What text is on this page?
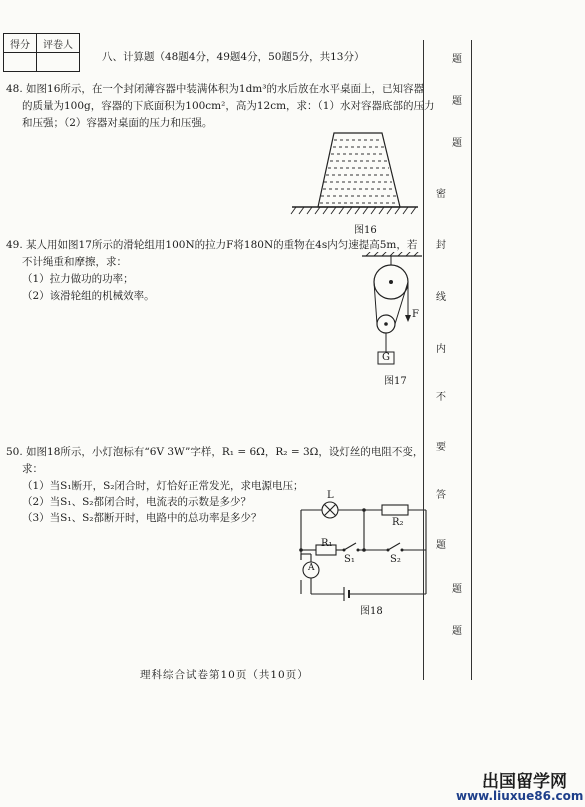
得分	评卷人

八、计算题（48题4分，49题4分，50题5分，共13分）
48. 如图16所示，在一个封闭薄容器中装满体积为1dm³的水后放在水平桌面上，已知容器
的质量为100g，容器的下底面积为100cm²，高为12cm，求：（1）水对容器底部的压力
和压强；（2）容器对桌面的压力和压强。
图16
49. 某人用如图17所示的滑轮组用100N的拉力F将180N的重物在4s内匀速提高5m，若
不计绳重和摩擦，求：
（1）拉力做功的功率；
（2）该滑轮组的机械效率。
F
G
图17
50. 如图18所示，小灯泡标有“6V 3W”字样，R₁ = 6Ω，R₂ = 3Ω，设灯丝的电阻不变，
求：
（1）当S₁断开，S₂闭合时，灯恰好正常发光，求电源电压；
（2）当S₁、S₂都闭合时，电流表的示数是多少？
（3）当S₁、S₂都断开时，电路中的总功率是多少？
L
R₂
R₁
S₁	S₂
A
图18
理科综合试卷第10页（共10页）
题
题
题
密
封
线
内
不
要
答
题
题
题
出国留学网
www.liuxue86.com
